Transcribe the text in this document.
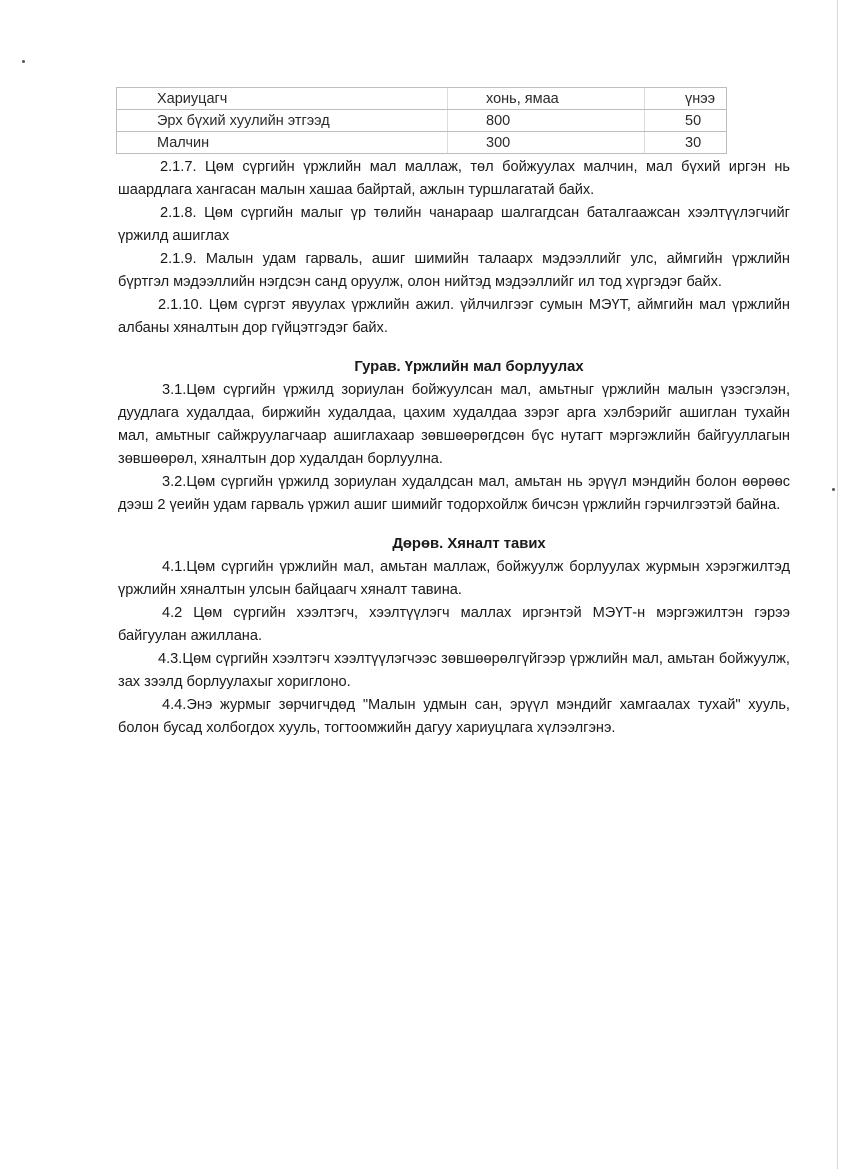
Хариуцагч	хонь, ямаа	үнээ
Эрх бүхий хуулийн этгээд	800	50
Малчин	300	30

2.1.7. Цөм сүргийн үржлийн мал маллаж, төл бойжуулах малчин, мал бүхий иргэн нь шаардлага хангасан малын хашаа байртай, ажлын туршлагатай байх.

2.1.8. Цөм сүргийн малыг үр төлийн чанараар шалгагдсан баталгаажсан хээлтүүлэгчийг үржилд ашиглах

2.1.9. Малын удам гарваль, ашиг шимийн талаарх мэдээллийг улс, аймгийн үржлийн бүртгэл мэдээллийн нэгдсэн санд оруулж, олон нийтэд мэдээллийг ил тод хүргэдэг байх.

2.1.10. Цөм сүргэт явуулах үржлийн ажил. үйлчилгээг сумын МЭҮТ, аймгийн мал үржлийн албаны хяналтын дор гүйцэтгэдэг байх.

Гурав. Үржлийн мал борлуулах

3.1.Цөм сүргийн үржилд зориулан бойжуулсан мал, амьтныг үржлийн малын үзэсгэлэн, дуудлага худалдаа, биржийн худалдаа, цахим худалдаа зэрэг арга хэлбэрийг ашиглан тухайн мал, амьтныг сайжруулагчаар ашиглахаар зөвшөөрөгдсөн бүс нутагт мэргэжлийн байгууллагын зөвшөөрөл, хяналтын дор худалдан борлуулна.

3.2.Цөм сүргийн үржилд зориулан худалдсан мал, амьтан нь эрүүл мэндийн болон өөрөөс дээш 2 үеийн удам гарваль үржил ашиг шимийг тодорхойлж бичсэн үржлийн гэрчилгээтэй байна.

Дөрөв. Хяналт тавих

4.1.Цөм сүргийн үржлийн мал, амьтан маллаж, бойжуулж борлуулах журмын хэрэгжилтэд үржлийн хяналтын улсын байцаагч хяналт тавина.

4.2 Цөм сүргийн хээлтэгч, хээлтүүлэгч маллах иргэнтэй МЭҮТ-н мэргэжилтэн гэрээ байгуулан ажиллана.

4.3.Цөм сүргийн хээлтэгч хээлтүүлэгчээс зөвшөөрөлгүйгээр үржлийн мал, амьтан бойжуулж, зах зээлд борлуулахыг хориглоно.

4.4.Энэ журмыг зөрчигчдөд "Малын удмын сан, эрүүл мэндийг хамгаалах тухай" хууль, болон бусад холбогдох хууль, тогтоомжийн дагуу хариуцлага хүлээлгэнэ.
